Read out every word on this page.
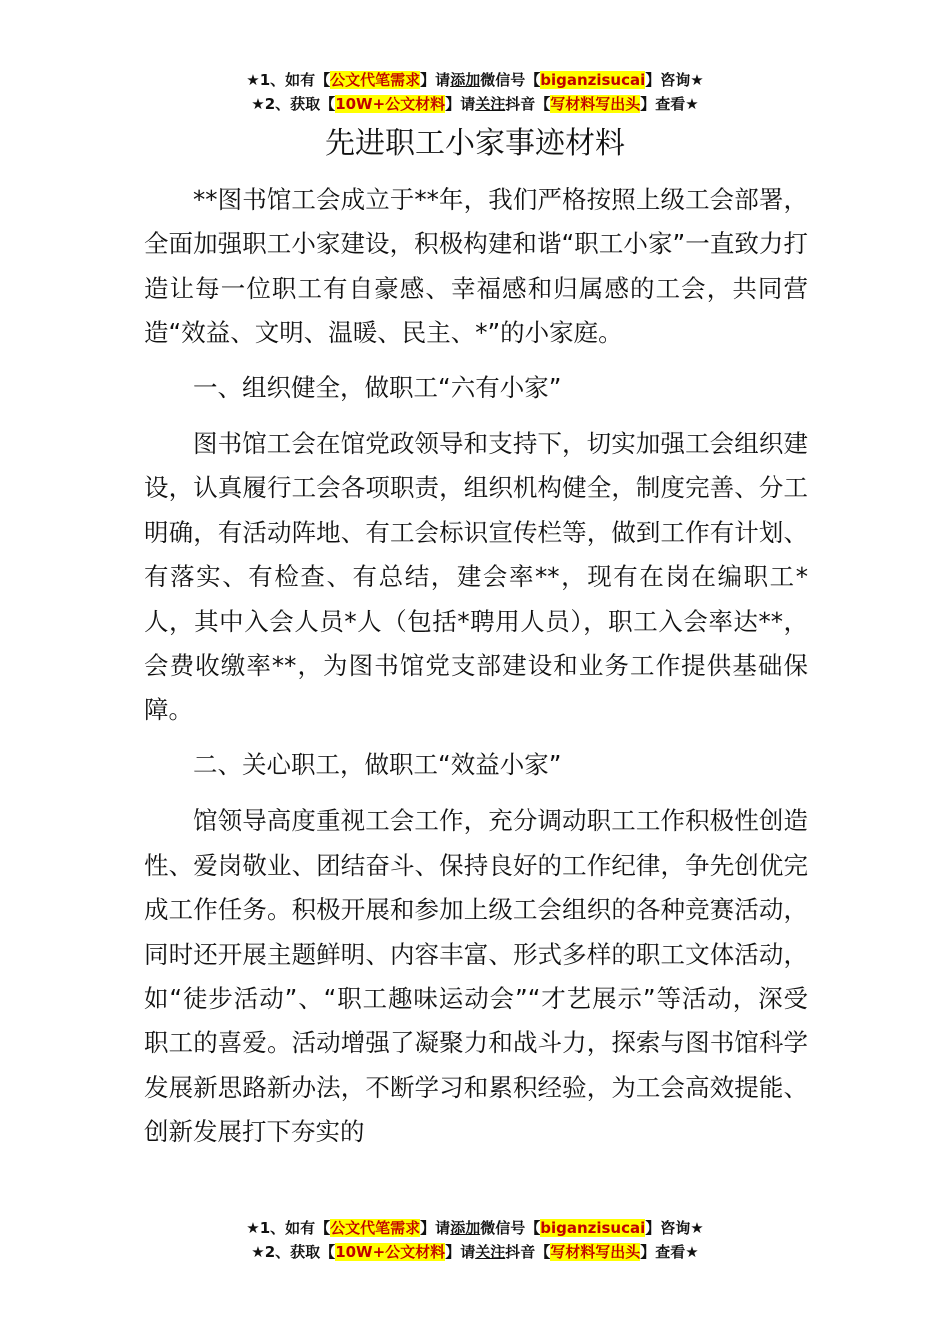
★1、如有【公文代笔需求】请添加微信号【biganzisucai】咨询★
★2、获取【10W+公文材料】请关注抖音【写材料写出头】查看★
先进职工小家事迹材料

**图书馆工会成立于**年，我们严格按照上级工会部署，全面加强职工小家建设，积极构建和谐“职工小家”一直致力打造让每一位职工有自豪感、幸福感和归属感的工会，共同营造“效益、文明、温暖、民主、*”的小家庭。

一、组织健全，做职工“六有小家”

图书馆工会在馆党政领导和支持下，切实加强工会组织建设，认真履行工会各项职责，组织机构健全，制度完善、分工明确，有活动阵地、有工会标识宣传栏等，做到工作有计划、有落实、有检查、有总结，建会率**，现有在岗在编职工*人，其中入会人员*人（包括*聘用人员），职工入会率达**，会费收缴率**，为图书馆党支部建设和业务工作提供基础保障。

二、关心职工，做职工“效益小家”

馆领导高度重视工会工作，充分调动职工工作积极性创造性、爱岗敬业、团结奋斗、保持良好的工作纪律，争先创优完成工作任务。积极开展和参加上级工会组织的各种竞赛活动，同时还开展主题鲜明、内容丰富、形式多样的职工文体活动，如“徒步活动”、“职工趣味运动会”“才艺展示”等活动，深受职工的喜爱。活动增强了凝聚力和战斗力，探索与图书馆科学发展新思路新办法，不断学习和累积经验，为工会高效提能、创新发展打下夯实的

★1、如有【公文代笔需求】请添加微信号【biganzisucai】咨询★
★2、获取【10W+公文材料】请关注抖音【写材料写出头】查看★
